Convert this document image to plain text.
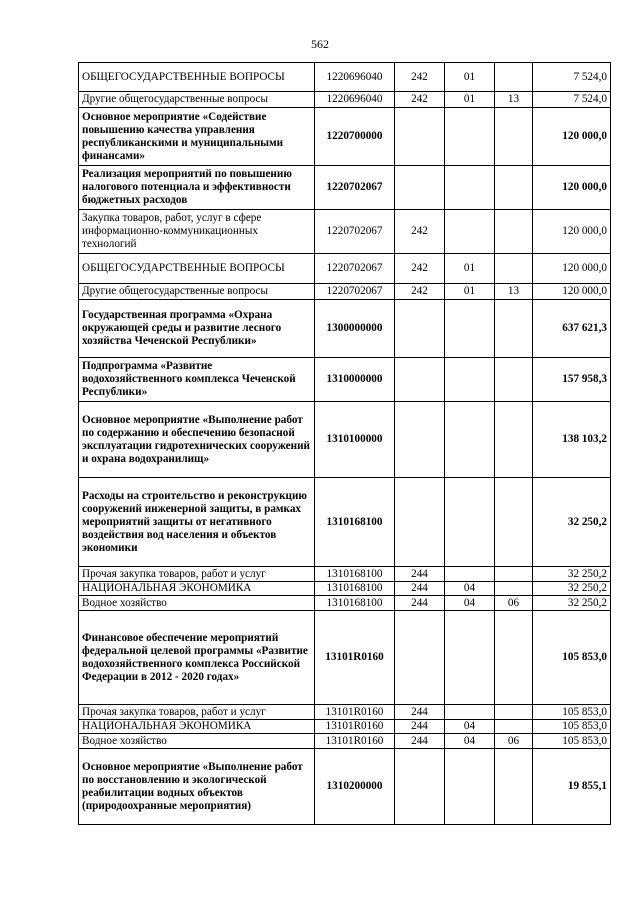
562
ОБЩЕГОСУДАРСТВЕННЫЕ ВОПРОСЫ	1220696040	242	01		7 524,0
Другие общегосударственные вопросы	1220696040	242	01	13	7 524,0
Основное мероприятие «Содействие повышению качества управления республиканскими и муниципальными финансами»	1220700000				120 000,0
Реализация мероприятий по повышению налогового потенциала и эффективности бюджетных расходов	1220702067				120 000,0
Закупка товаров, работ, услуг в сфере информационно-коммуникационных технологий	1220702067	242			120 000,0
ОБЩЕГОСУДАРСТВЕННЫЕ ВОПРОСЫ	1220702067	242	01		120 000,0
Другие общегосударственные вопросы	1220702067	242	01	13	120 000,0
Государственная программа «Охрана окружающей среды и развитие лесного хозяйства Чеченской Республики»	1300000000				637 621,3
Подпрограмма «Развитие водохозяйственного комплекса Чеченской Республики»	1310000000				157 958,3
Основное мероприятие «Выполнение работ по содержанию и обеспечению безопасной эксплуатации гидротехнических сооружений и охрана водохранилищ»	1310100000				138 103,2
Расходы на строительство и реконструкцию сооружений инженерной защиты, в рамках мероприятий защиты от негативного воздействия вод населения и объектов экономики	1310168100				32 250,2
Прочая закупка товаров, работ и услуг	1310168100	244			32 250,2
НАЦИОНАЛЬНАЯ ЭКОНОМИКА	1310168100	244	04		32 250,2
Водное хозяйство	1310168100	244	04	06	32 250,2
Финансовое обеспечение мероприятий федеральной целевой программы «Развитие водохозяйственного комплекса Российской Федерации в 2012 - 2020 годах»	13101R0160				105 853,0
Прочая закупка товаров, работ и услуг	13101R0160	244			105 853,0
НАЦИОНАЛЬНАЯ ЭКОНОМИКА	13101R0160	244	04		105 853,0
Водное хозяйство	13101R0160	244	04	06	105 853,0
Основное мероприятие «Выполнение работ по восстановлению и экологической реабилитации водных объектов (природоохранные мероприятия)	1310200000				19 855,1
